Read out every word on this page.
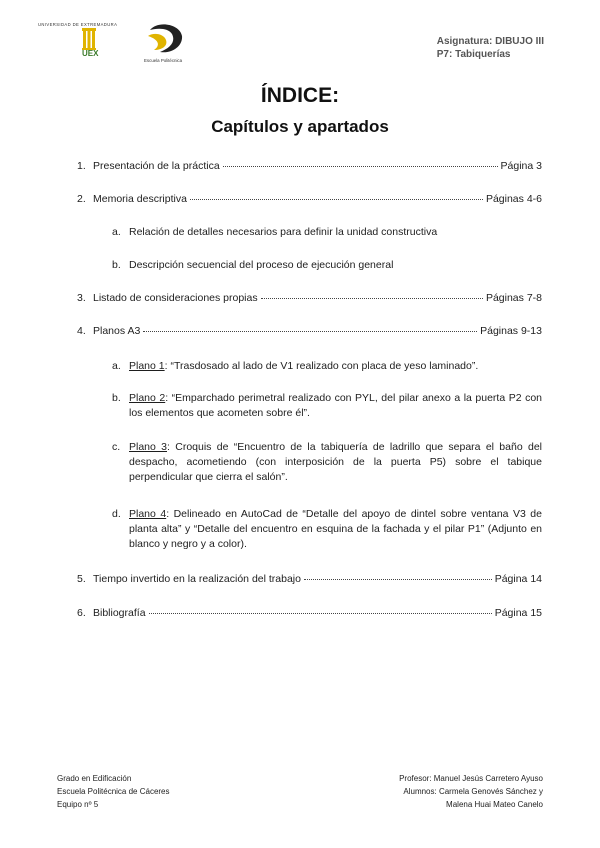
UNIVERSIDAD DE EXTREMADURA
UEX
Escuela Politécnica
Asignatura: DIBUJO III
P7: Tabiquerías
ÍNDICE:
Capítulos y apartados
1. Presentación de la práctica	Página 3
2. Memoria descriptiva	Páginas 4-6
a. Relación de detalles necesarios para definir la unidad constructiva
b. Descripción secuencial del proceso de ejecución general
3. Listado de consideraciones propias	Páginas 7-8
4. Planos A3	Páginas 9-13
a. Plano 1: “Trasdosado al lado de V1 realizado con placa de yeso laminado”.
b. Plano 2: “Emparchado perimetral realizado con PYL, del pilar anexo a la puerta P2 con los elementos que acometen sobre él”.
c. Plano 3: Croquis de “Encuentro de la tabiquería de ladrillo que separa el baño del despacho, acometiendo (con interposición de la puerta P5) sobre el tabique perpendicular que cierra el salón”.
d. Plano 4: Delineado en AutoCad de “Detalle del apoyo de dintel sobre ventana V3 de planta alta” y “Detalle del encuentro en esquina de la fachada y el pilar P1” (Adjunto en blanco y negro y a color).
5. Tiempo invertido en la realización del trabajo	Página 14
6. Bibliografía	Página 15
Grado en Edificación
Escuela Politécnica de Cáceres
Equipo nº 5
Profesor: Manuel Jesús Carretero Ayuso
Alumnos: Carmela Genovés Sánchez y
Malena Huai Mateo Canelo
